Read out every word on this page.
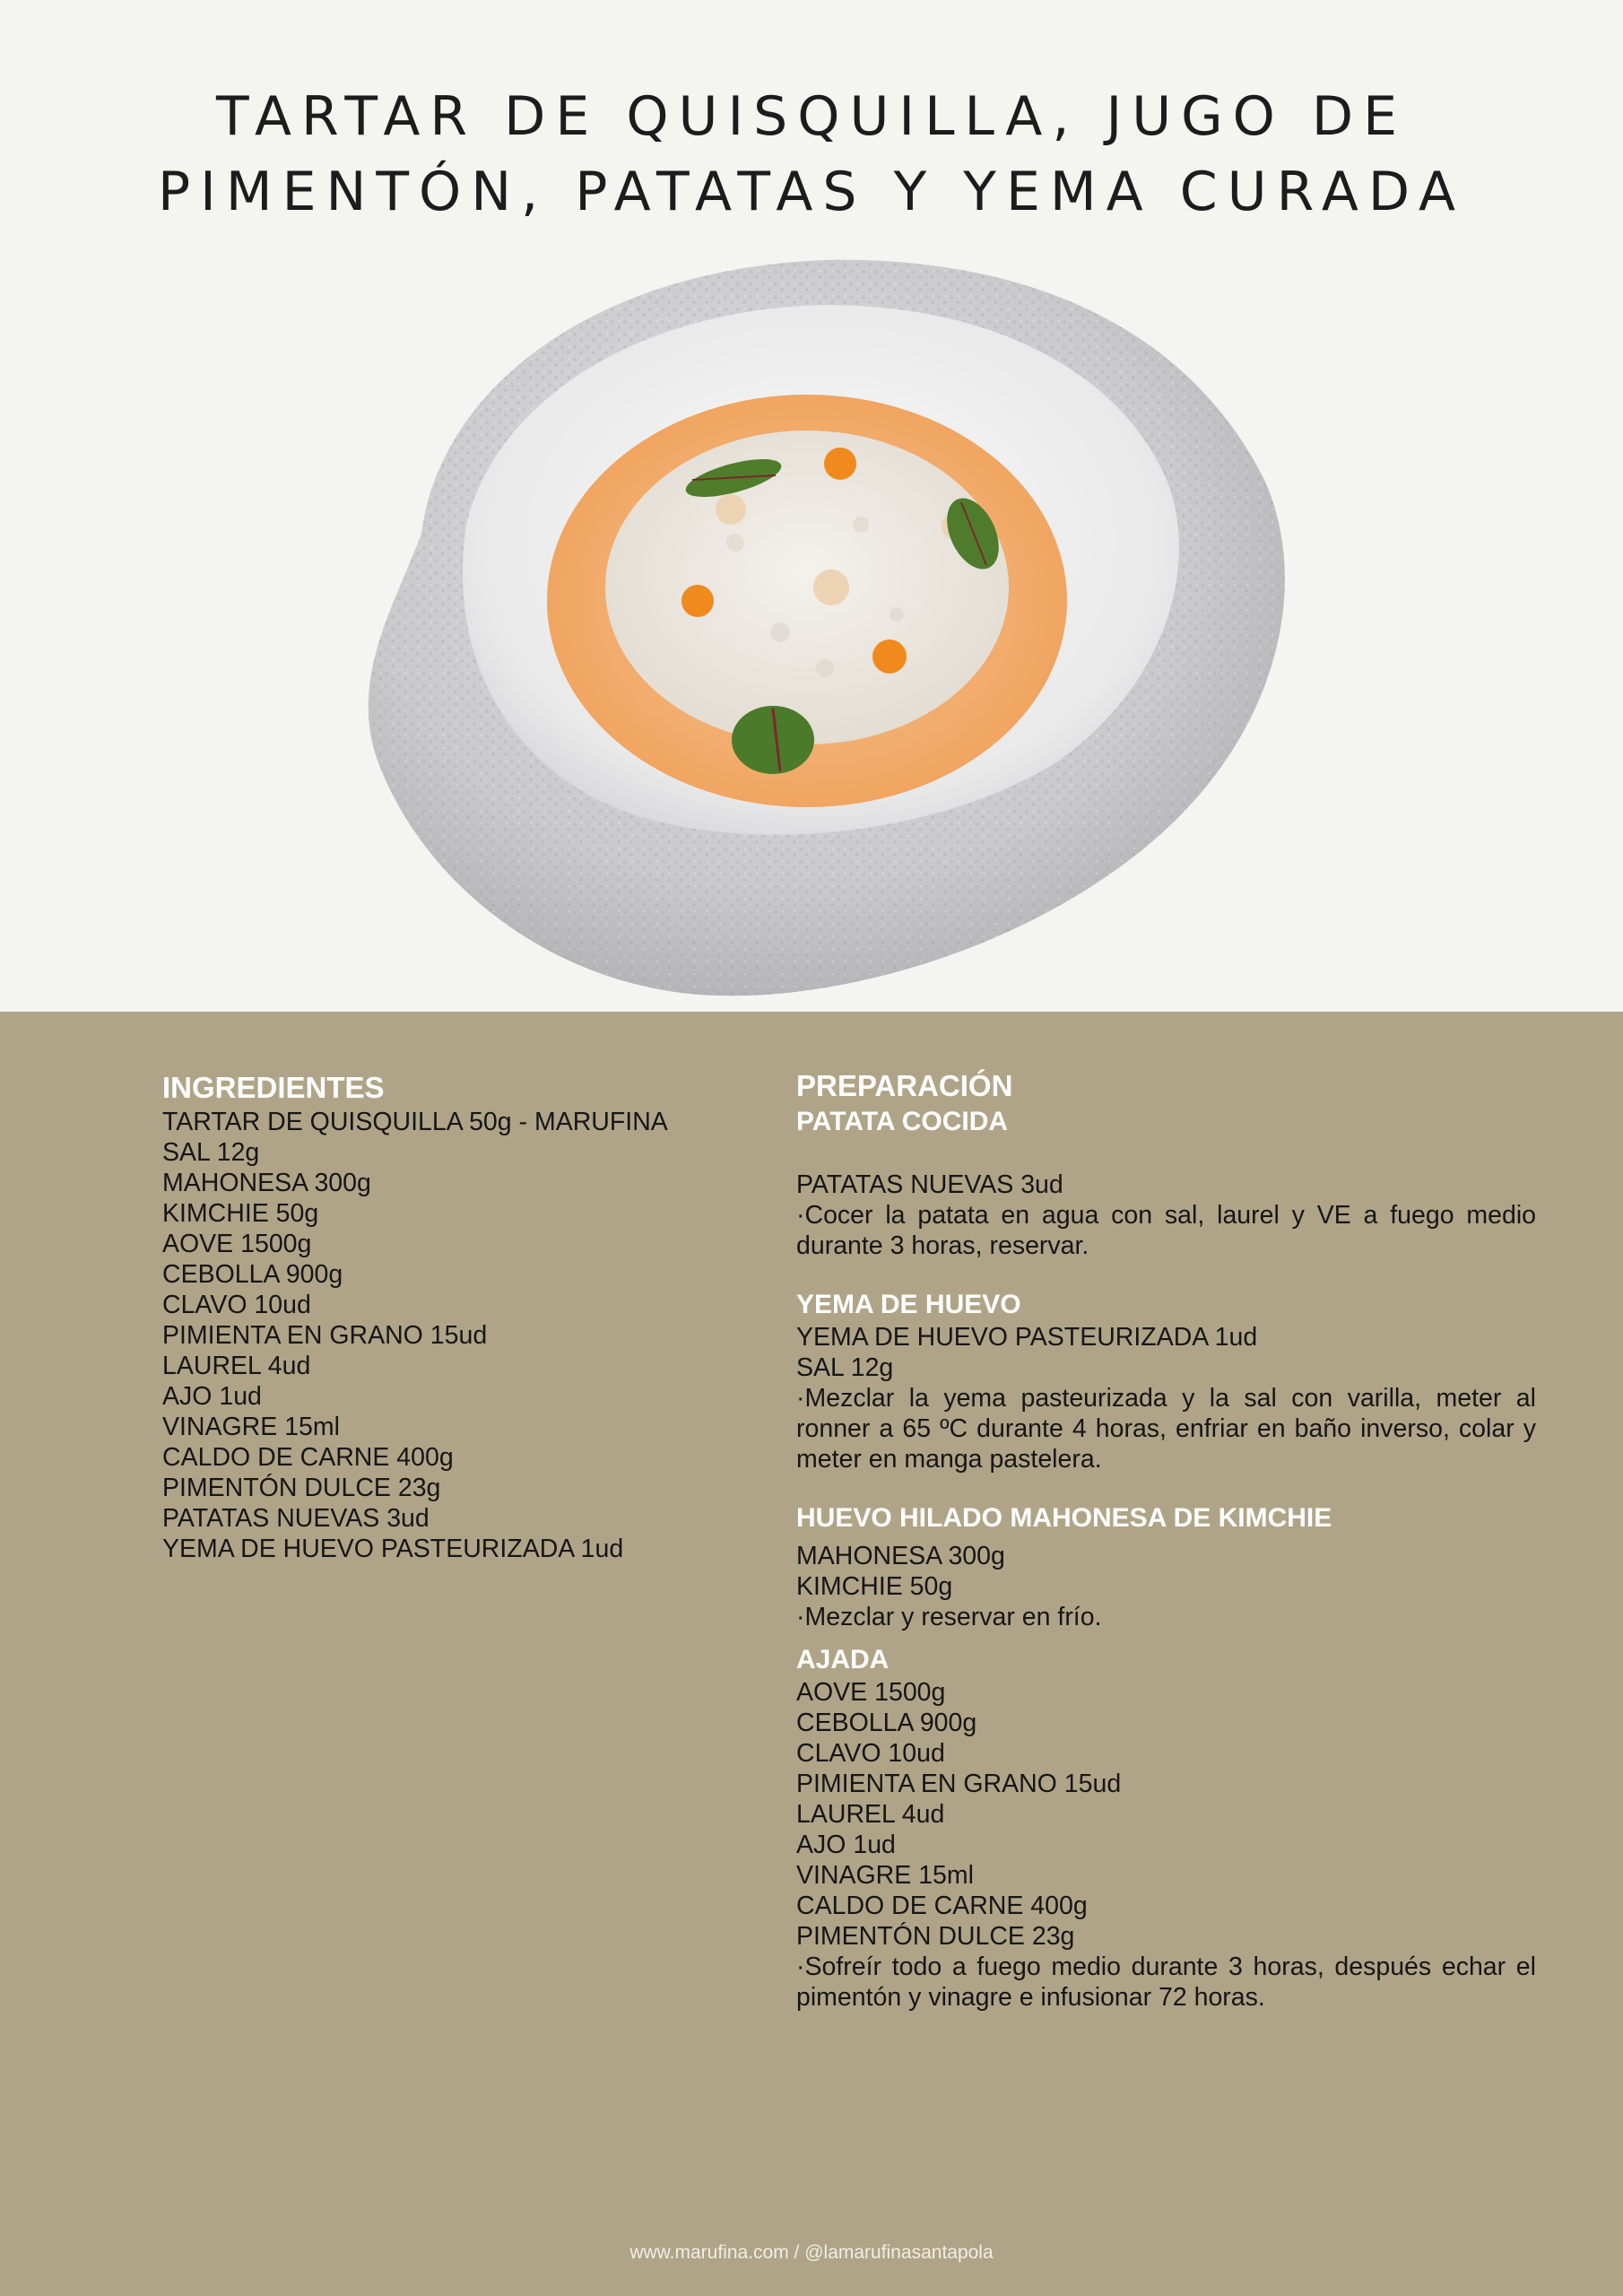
TARTAR DE QUISQUILLA, JUGO DE
PIMENTÓN, PATATAS Y YEMA CURADA
INGREDIENTES
TARTAR DE QUISQUILLA 50g - MARUFINA
SAL 12g
MAHONESA 300g
KIMCHIE 50g
AOVE 1500g
CEBOLLA 900g
CLAVO 10ud
PIMIENTA EN GRANO 15ud
LAUREL 4ud
AJO 1ud
VINAGRE 15ml
CALDO DE CARNE 400g
PIMENTÓN DULCE 23g
PATATAS NUEVAS 3ud
YEMA DE HUEVO PASTEURIZADA 1ud
PREPARACIÓN
PATATA COCIDA
PATATAS NUEVAS 3ud
·Cocer la patata en agua con sal, laurel y VE a fuego medio durante 3 horas, reservar.
YEMA DE HUEVO
YEMA DE HUEVO PASTEURIZADA 1ud
SAL 12g
·Mezclar la yema pasteurizada y la sal con varilla, meter al ronner a 65 ºC durante 4 horas, enfriar en baño inverso, colar y meter en manga pastelera.
HUEVO HILADO MAHONESA DE KIMCHIE
MAHONESA 300g
KIMCHIE 50g
·Mezclar y reservar en frío.
AJADA
AOVE 1500g
CEBOLLA 900g
CLAVO 10ud
PIMIENTA EN GRANO 15ud
LAUREL 4ud
AJO 1ud
VINAGRE 15ml
CALDO DE CARNE 400g
PIMENTÓN DULCE 23g
·Sofreír todo a fuego medio durante 3 horas, después echar el pimentón y vinagre e infusionar 72 horas.
www.marufina.com / @lamarufinasantapola
